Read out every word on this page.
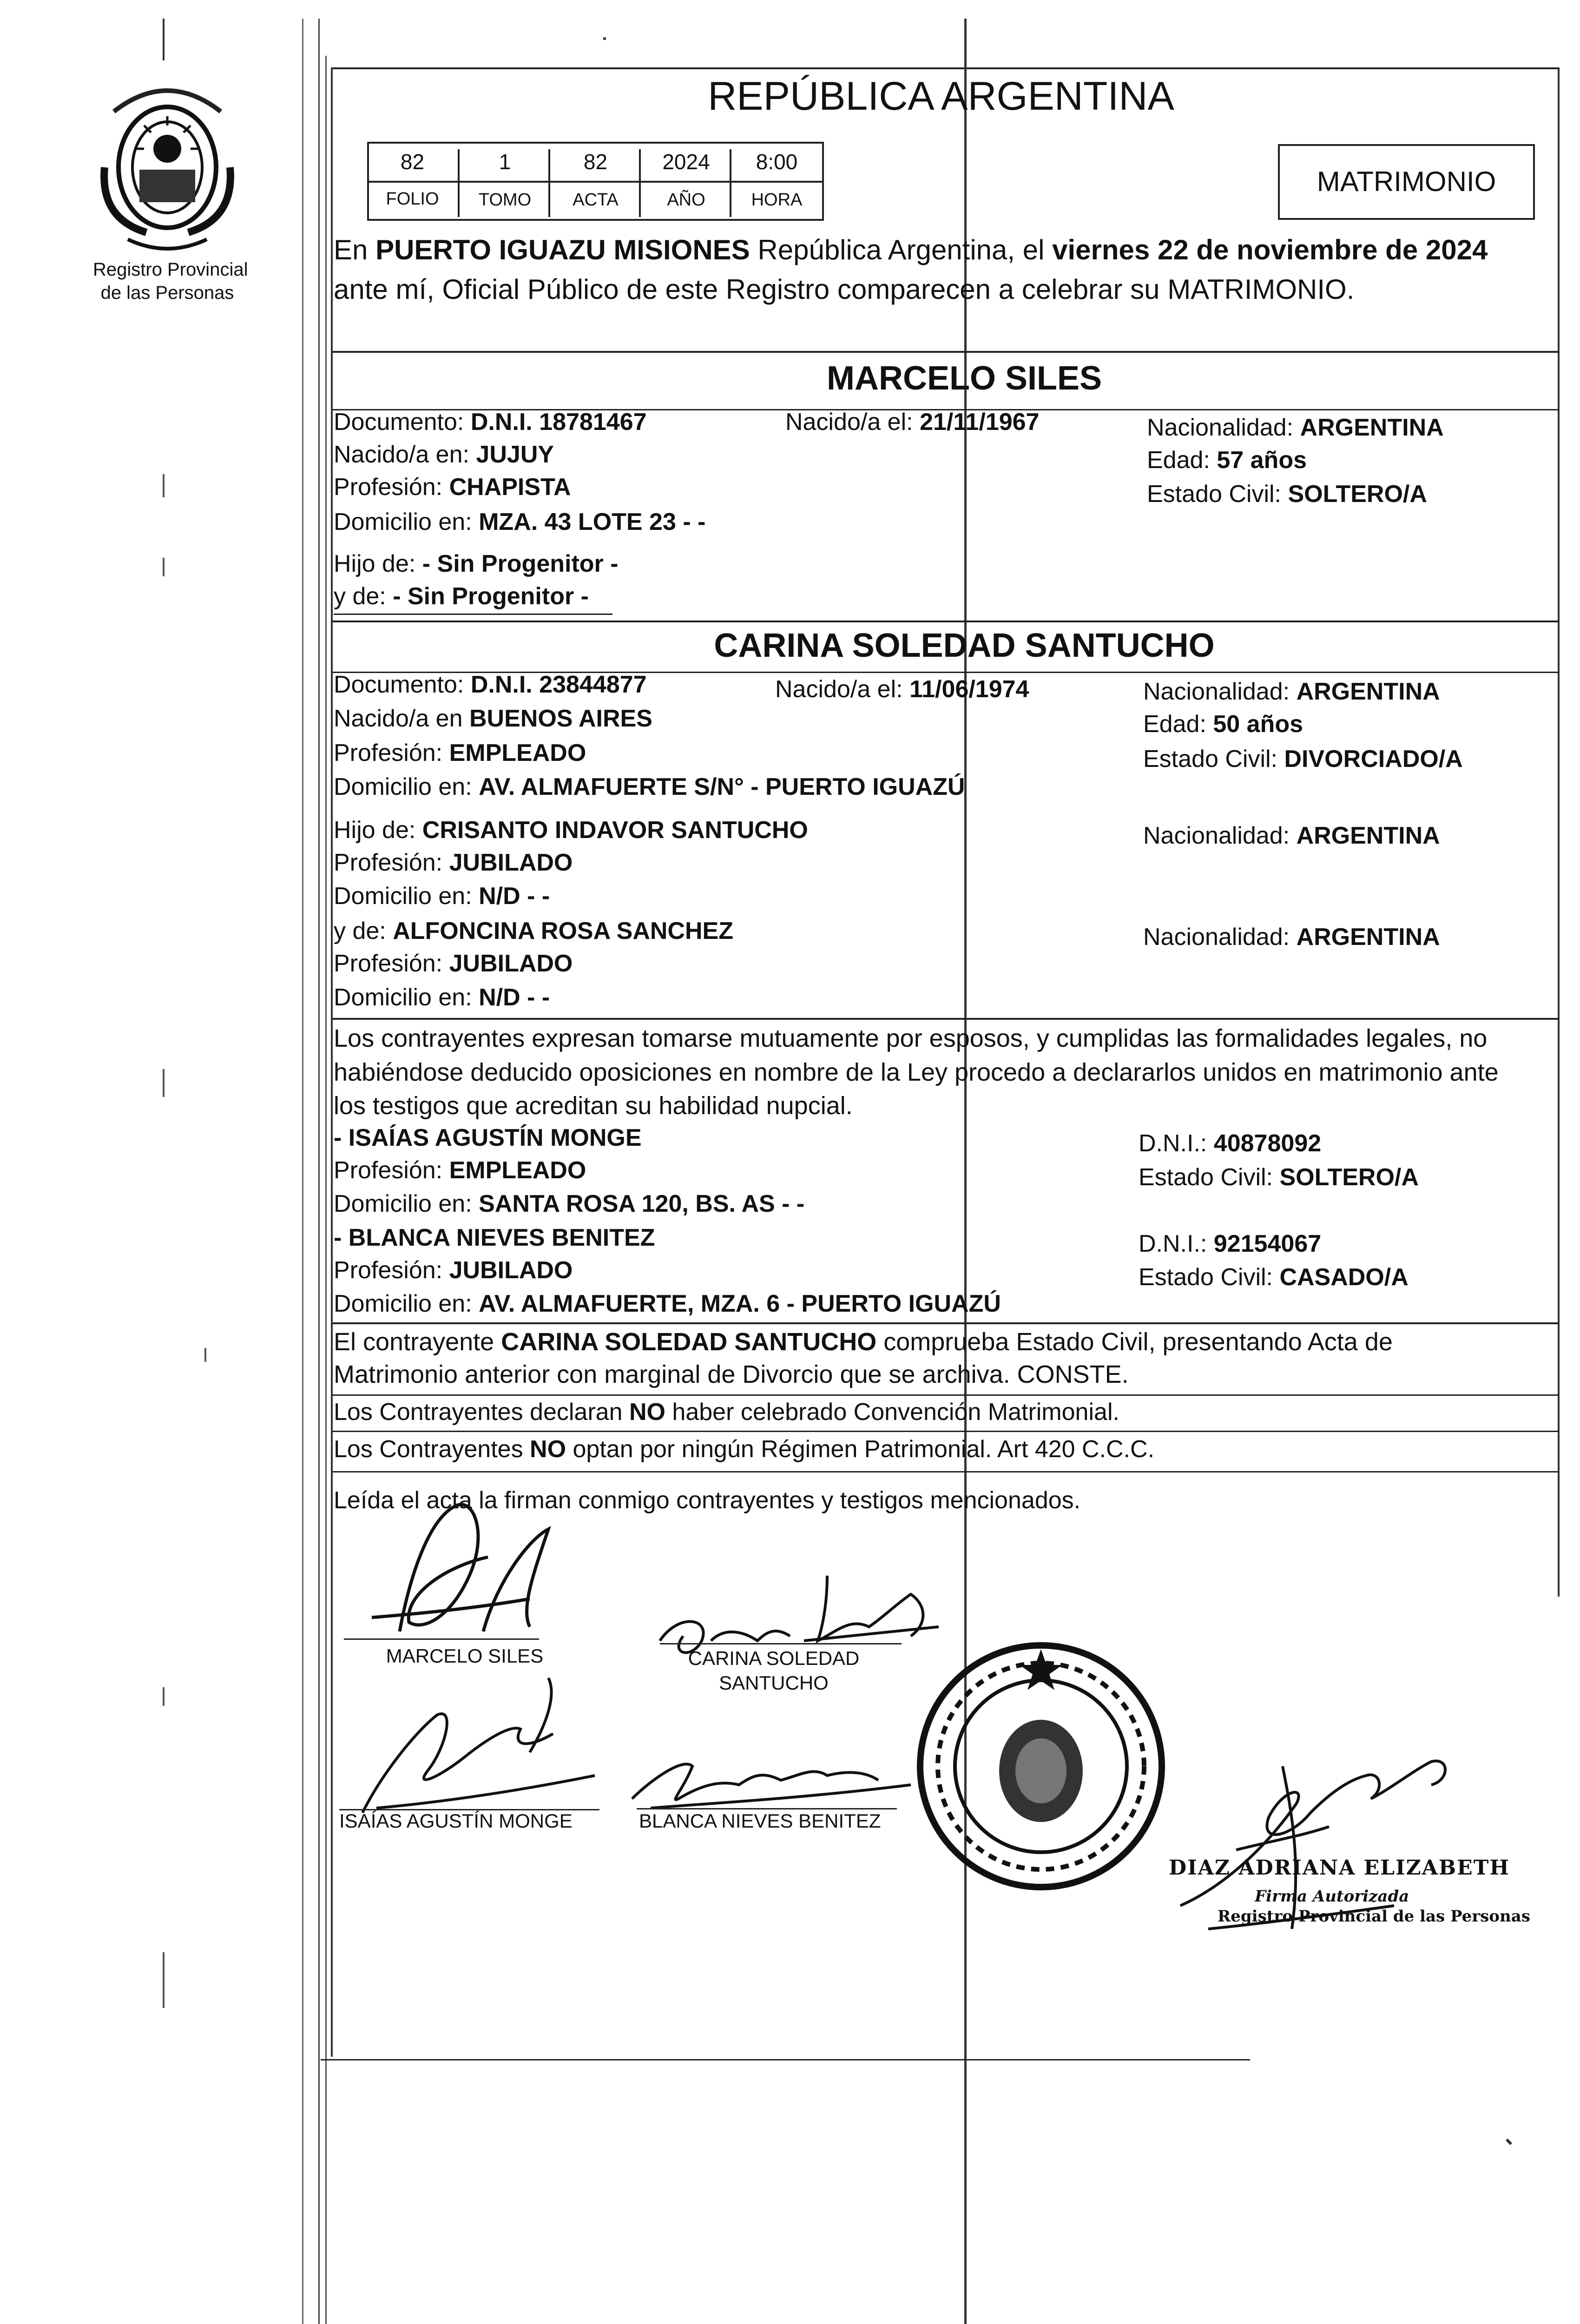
Registro Provincial
de las Personas
REPÚBLICA ARGENTINA
82	1	82	2024	8:00
FOLIO	TOMO	ACTA	AÑO	HORA
MATRIMONIO
En PUERTO IGUAZU MISIONES República Argentina, el viernes 22 de noviembre de 2024
ante mí, Oficial Público de este Registro comparecen a celebrar su MATRIMONIO.
MARCELO SILES
Documento: D.N.I. 18781467	Nacido/a el: 21/11/1967	Nacionalidad: ARGENTINA
Nacido/a en: JUJUY	Edad: 57 años
Profesión: CHAPISTA	Estado Civil: SOLTERO/A
Domicilio en: MZA. 43 LOTE 23 - -
Hijo de: - Sin Progenitor -
y de: - Sin Progenitor -
CARINA SOLEDAD SANTUCHO
Documento: D.N.I. 23844877	Nacido/a el: 11/06/1974	Nacionalidad: ARGENTINA
Nacido/a en BUENOS AIRES	Edad: 50 años
Profesión: EMPLEADO	Estado Civil: DIVORCIADO/A
Domicilio en: AV. ALMAFUERTE S/N° - PUERTO IGUAZÚ
Hijo de: CRISANTO INDAVOR SANTUCHO	Nacionalidad: ARGENTINA
Profesión: JUBILADO
Domicilio en: N/D - -
y de: ALFONCINA ROSA SANCHEZ	Nacionalidad: ARGENTINA
Profesión: JUBILADO
Domicilio en: N/D - -
Los contrayentes expresan tomarse mutuamente por esposos, y cumplidas las formalidades legales, no
habiéndose deducido oposiciones en nombre de la Ley procedo a declararlos unidos en matrimonio ante
los testigos que acreditan su habilidad nupcial.
- ISAÍAS AGUSTÍN MONGE	D.N.I.: 40878092
Profesión: EMPLEADO	Estado Civil: SOLTERO/A
Domicilio en: SANTA ROSA 120, BS. AS - -
- BLANCA NIEVES BENITEZ	D.N.I.: 92154067
Profesión: JUBILADO	Estado Civil: CASADO/A
Domicilio en: AV. ALMAFUERTE, MZA. 6 - PUERTO IGUAZÚ
El contrayente CARINA SOLEDAD SANTUCHO comprueba Estado Civil, presentando Acta de
Matrimonio anterior con marginal de Divorcio que se archiva. CONSTE.
Los Contrayentes declaran NO haber celebrado Convención Matrimonial.
Los Contrayentes NO optan por ningún Régimen Patrimonial. Art 420 C.C.C.
Leída el acta la firman conmigo contrayentes y testigos mencionados.
MARCELO SILES	CARINA SOLEDAD
SANTUCHO
ISAÍAS AGUSTÍN MONGE	BLANCA NIEVES BENITEZ
DIAZ ADRIANA ELIZABETH
Firma Autorizada
Registro Provincial de las Personas
